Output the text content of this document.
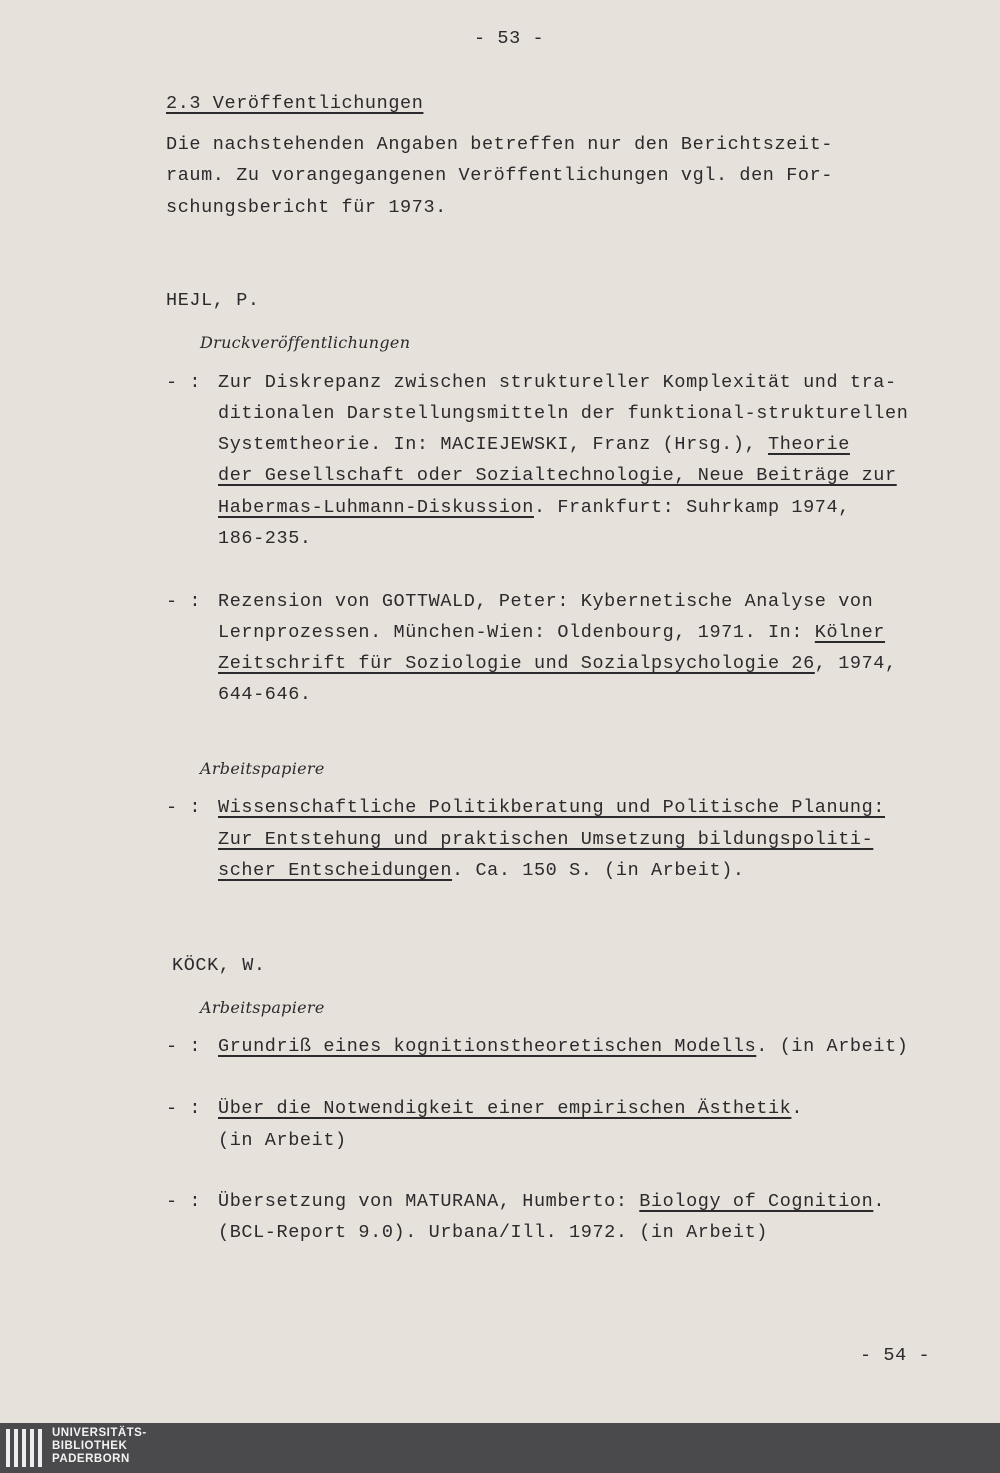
- 53 -
2.3 Veröffentlichungen
Die nachstehenden Angaben betreffen nur den Berichtszeit-
raum. Zu vorangegangenen Veröffentlichungen vgl. den For-
schungsbericht für 1973.
HEJL, P.
Druckveröffentlichungen
- : Zur Diskrepanz zwischen struktureller Komplexität und tra-
ditionalen Darstellungsmitteln der funktional-strukturellen
Systemtheorie. In: MACIEJEWSKI, Franz (Hrsg.), Theorie
der Gesellschaft oder Sozialtechnologie, Neue Beiträge zur
Habermas-Luhmann-Diskussion. Frankfurt: Suhrkamp 1974,
186-235.
- : Rezension von GOTTWALD, Peter: Kybernetische Analyse von
Lernprozessen. München-Wien: Oldenbourg, 1971. In: Kölner
Zeitschrift für Soziologie und Sozialpsychologie 26, 1974,
644-646.
Arbeitspapiere
- : Wissenschaftliche Politikberatung und Politische Planung:
Zur Entstehung und praktischen Umsetzung bildungspoliti-
scher Entscheidungen. Ca. 150 S. (in Arbeit).
KÖCK, W.
Arbeitspapiere
- : Grundriß eines kognitionstheoretischen Modells. (in Arbeit)
- : Über die Notwendigkeit einer empirischen Ästhetik.
(in Arbeit)
- : Übersetzung von MATURANA, Humberto: Biology of Cognition.
(BCL-Report 9.0). Urbana/Ill. 1972. (in Arbeit)
- 54 -
UNIVERSITÄTS-
BIBLIOTHEK
PADERBORN
